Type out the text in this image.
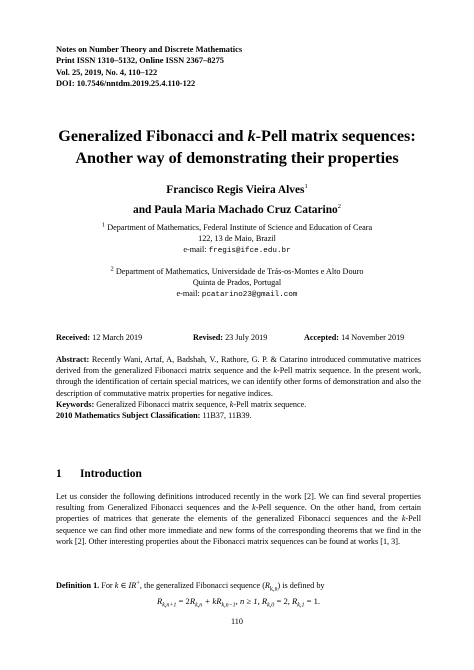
Notes on Number Theory and Discrete Mathematics
Print ISSN 1310–5132, Online ISSN 2367–8275
Vol. 25, 2019, No. 4, 110–122
DOI: 10.7546/nntdm.2019.25.4.110-122
Generalized Fibonacci and k-Pell matrix sequences:
Another way of demonstrating their properties
Francisco Regis Vieira Alves$^1$
and Paula Maria Machado Cruz Catarino$^2$
$^1$ Department of Mathematics, Federal Institute of Science and Education of Ceara
122, 13 de Maio, Brazil
e-mail: fregis@ifce.edu.br
$^2$ Department of Mathematics, Universidade de Trás-os-Montes e Alto Douro
Quinta de Prados, Portugal
e-mail: pcatarino23@gmail.com
Received: 12 March 2019	Revised: 23 July 2019	Accepted: 14 November 2019

Abstract: Recently Wani, Artaf, A, Badshah, V., Rathore, G. P. & Catarino introduced commutative matrices derived from the generalized Fibonacci matrix sequence and the k-Pell matrix sequence. In the present work, through the identification of certain special matrices, we can identify other forms of demonstration and also the description of commutative matrix properties for negative indices.

Keywords: Generalized Fibonacci matrix sequence, k-Pell matrix sequence.

2010 Mathematics Subject Classification: 11B37, 11B39.

1 Introduction
Let us consider the following definitions introduced recently in the work [2]. We can find several properties resulting from Generalized Fibonacci sequences and the k-Pell sequence. On the other hand, from certain properties of matrices that generate the elements of the generalized Fibonacci sequences and the k-Pell sequence we can find other more immediate and new forms of the corresponding theorems that we find in the work [2]. Other interesting properties about the Fibonacci matrix sequences can be found at works [1, 3].
Definition 1. For k ∈ IR+, the generalized Fibonacci sequence $(R_{k,n})$ is defined by
$R_{k,n+1} = 2R_{k,n} + kR_{k,n-1}$, n ≥ 1, $R_{k,0} = 2$, $R_{k,1} = 1$.
110
